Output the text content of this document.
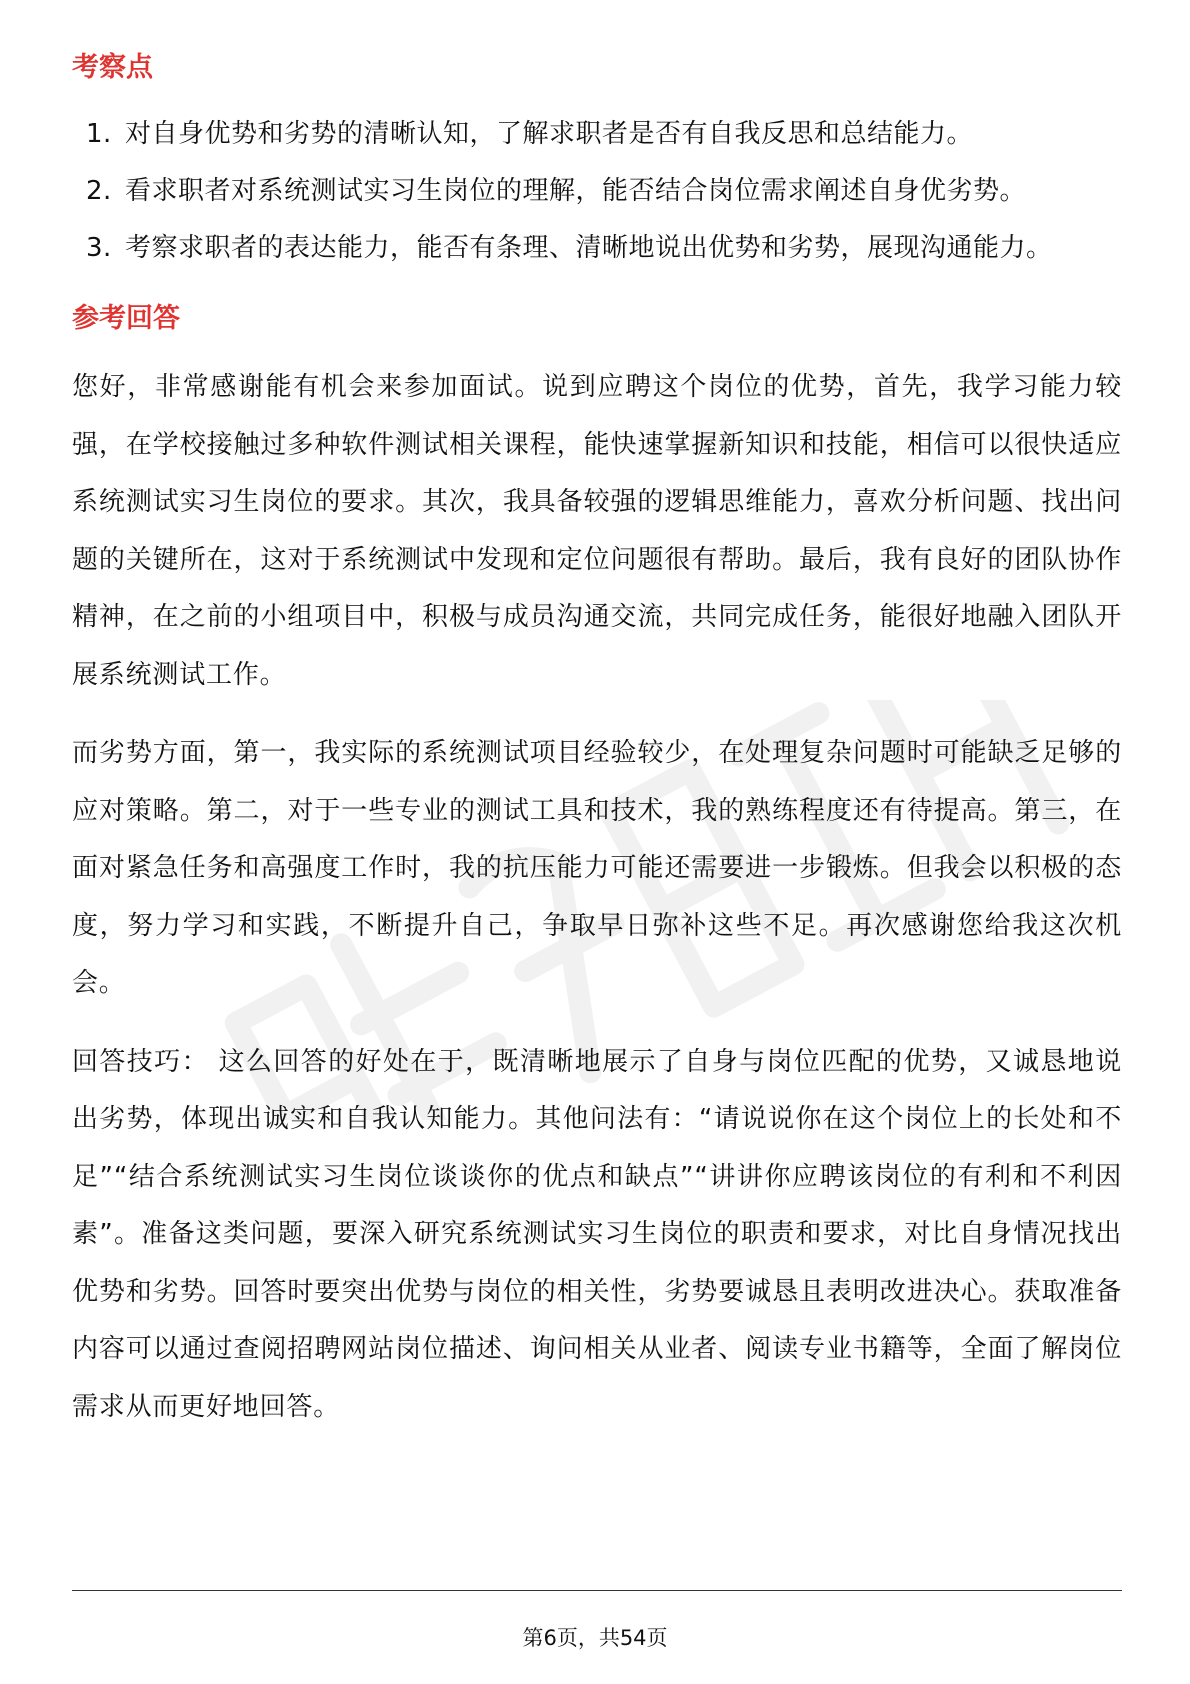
考察点
1. 对自身优势和劣势的清晰认知，了解求职者是否有自我反思和总结能力。
2. 看求职者对系统测试实习生岗位的理解，能否结合岗位需求阐述自身优劣势。
3. 考察求职者的表达能力，能否有条理、清晰地说出优势和劣势，展现沟通能力。
参考回答

您好，非常感谢能有机会来参加面试。说到应聘这个岗位的优势，首先，我学习能力较强，在学校接触过多种软件测试相关课程，能快速掌握新知识和技能，相信可以很快适应系统测试实习生岗位的要求。其次，我具备较强的逻辑思维能力，喜欢分析问题、找出问题的关键所在，这对于系统测试中发现和定位问题很有帮助。最后，我有良好的团队协作精神，在之前的小组项目中，积极与成员沟通交流，共同完成任务，能很好地融入团队开展系统测试工作。

而劣势方面，第一，我实际的系统测试项目经验较少，在处理复杂问题时可能缺乏足够的应对策略。第二，对于一些专业的测试工具和技术，我的熟练程度还有待提高。第三，在面对紧急任务和高强度工作时，我的抗压能力可能还需要进一步锻炼。但我会以积极的态度，努力学习和实践，不断提升自己，争取早日弥补这些不足。再次感谢您给我这次机会。

回答技巧： 这么回答的好处在于，既清晰地展示了自身与岗位匹配的优势，又诚恳地说出劣势，体现出诚实和自我认知能力。其他问法有：“请说说你在这个岗位上的长处和不足”“结合系统测试实习生岗位谈谈你的优点和缺点”“讲讲你应聘该岗位的有利和不利因素”。准备这类问题，要深入研究系统测试实习生岗位的职责和要求，对比自身情况找出优势和劣势。回答时要突出优势与岗位的相关性，劣势要诚恳且表明改进决心。获取准备内容可以通过查阅招聘网站岗位描述、询问相关从业者、阅读专业书籍等，全面了解岗位需求从而更好地回答。

第6页，共54页
